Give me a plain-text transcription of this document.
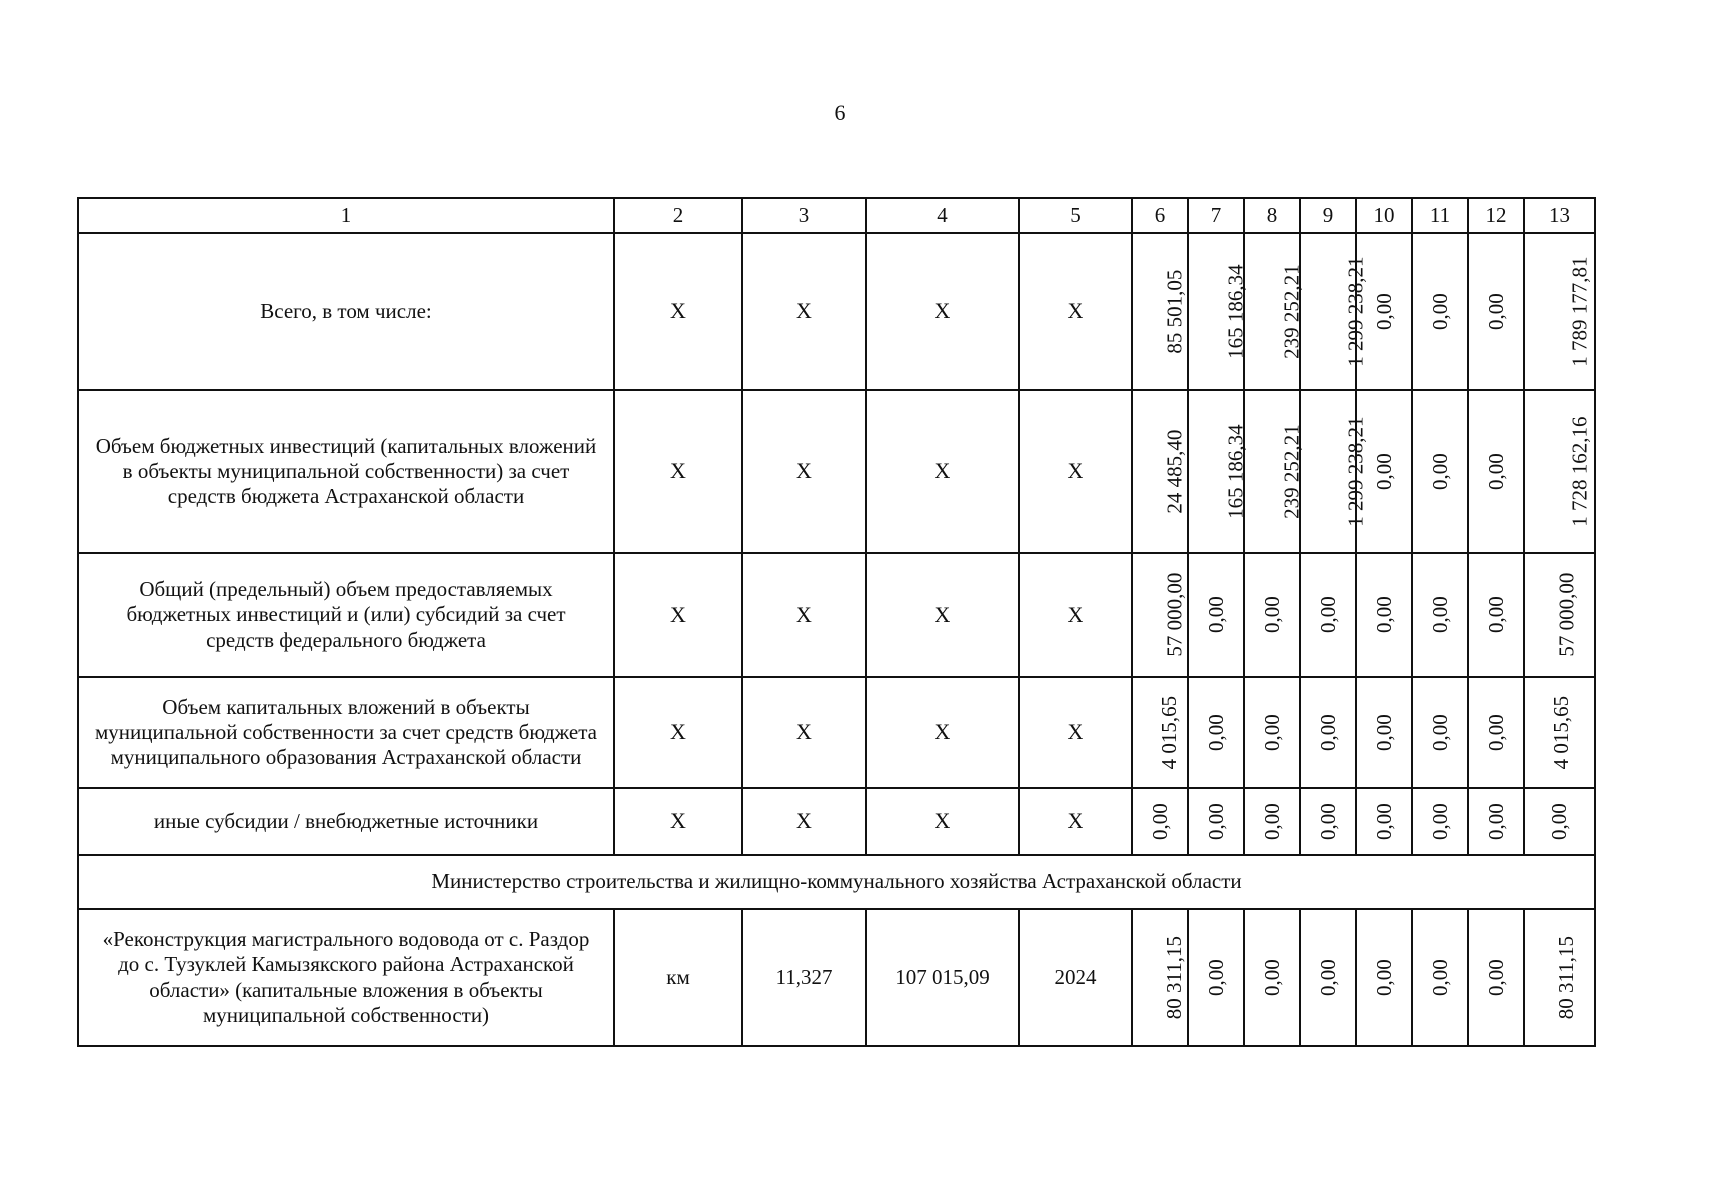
6
1	2	3	4	5	6	7	8	9	10	11	12	13
Всего, в том числе:	X	X	X	X	85 501,05	165 186,34	239 252,21	1 299 238,21	0,00	0,00	0,00	1 789 177,81
Объем бюджетных инвестиций (капитальных вложений в объекты муниципальной собственности) за счет средств бюджета Астраханской области	X	X	X	X	24 485,40	165 186,34	239 252,21	1 299 238,21	0,00	0,00	0,00	1 728 162,16
Общий (предельный) объем предоставляемых бюджетных инвестиций и (или) субсидий за счет средств федерального бюджета	X	X	X	X	57 000,00	0,00	0,00	0,00	0,00	0,00	0,00	57 000,00
Объем капитальных вложений в объекты муниципальной собственности за счет средств бюджета муниципального образования Астраханской области	X	X	X	X	4 015,65	0,00	0,00	0,00	0,00	0,00	0,00	4 015,65
иные субсидии / внебюджетные источники	X	X	X	X	0,00	0,00	0,00	0,00	0,00	0,00	0,00	0,00
Министерство строительства и жилищно-коммунального хозяйства Астраханской области												
«Реконструкция магистрального водовода от с. Раздор до с. Тузуклей Камызякского района Астраханской области» (капитальные вложения в объекты муниципальной собственности)	км	11,327	107 015,09	2024	80 311,15	0,00	0,00	0,00	0,00	0,00	0,00	80 311,15
